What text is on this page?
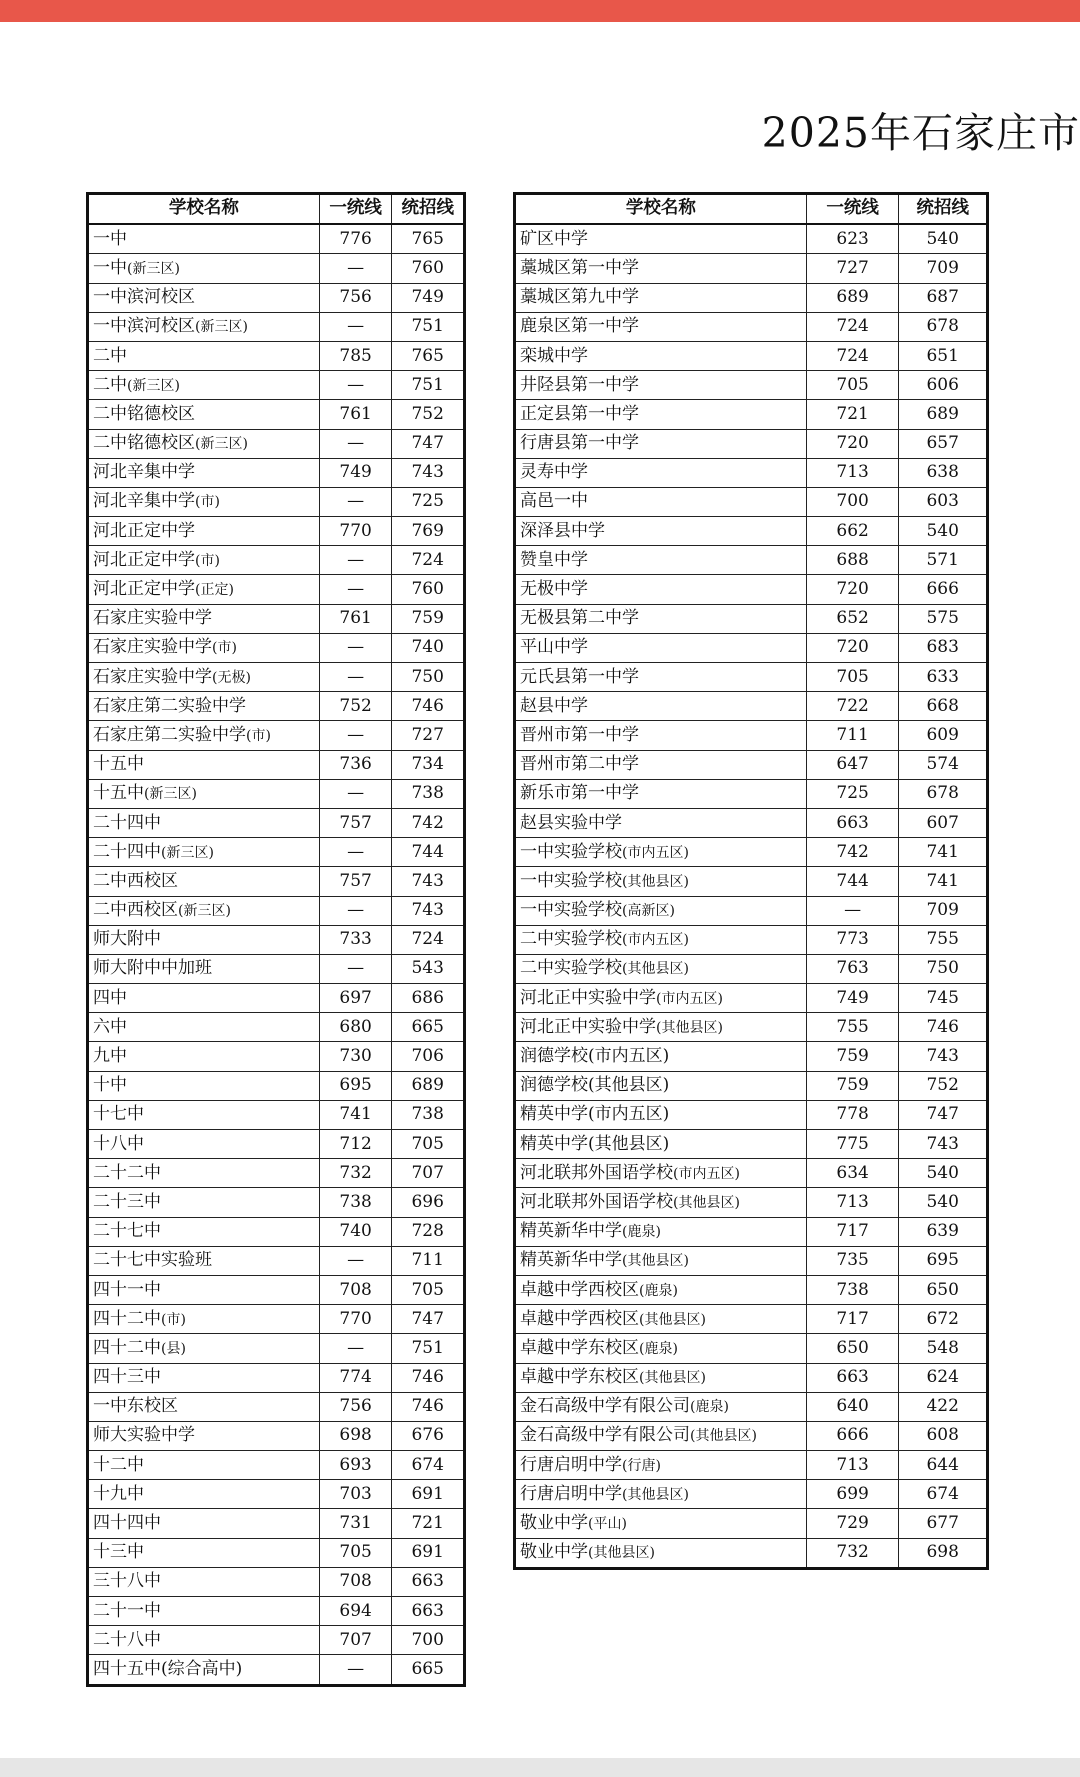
2025年石家庄市
学校名称	一统线	统招线
一中	776	765
一中(新三区)	—	760
一中滨河校区	756	749
一中滨河校区(新三区)	—	751
二中	785	765
二中(新三区)	—	751
二中铭德校区	761	752
二中铭德校区(新三区)	—	747
河北辛集中学	749	743
河北辛集中学(市)	—	725
河北正定中学	770	769
河北正定中学(市)	—	724
河北正定中学(正定)	—	760
石家庄实验中学	761	759
石家庄实验中学(市)	—	740
石家庄实验中学(无极)	—	750
石家庄第二实验中学	752	746
石家庄第二实验中学(市)	—	727
十五中	736	734
十五中(新三区)	—	738
二十四中	757	742
二十四中(新三区)	—	744
二中西校区	757	743
二中西校区(新三区)	—	743
师大附中	733	724
师大附中中加班	—	543
四中	697	686
六中	680	665
九中	730	706
十中	695	689
十七中	741	738
十八中	712	705
二十二中	732	707
二十三中	738	696
二十七中	740	728
二十七中实验班	—	711
四十一中	708	705
四十二中(市)	770	747
四十二中(县)	—	751
四十三中	774	746
一中东校区	756	746
师大实验中学	698	676
十二中	693	674
十九中	703	691
四十四中	731	721
十三中	705	691
三十八中	708	663
二十一中	694	663
二十八中	707	700
四十五中(综合高中)	—	665
学校名称	一统线	统招线
矿区中学	623	540
藁城区第一中学	727	709
藁城区第九中学	689	687
鹿泉区第一中学	724	678
栾城中学	724	651
井陉县第一中学	705	606
正定县第一中学	721	689
行唐县第一中学	720	657
灵寿中学	713	638
高邑一中	700	603
深泽县中学	662	540
赞皇中学	688	571
无极中学	720	666
无极县第二中学	652	575
平山中学	720	683
元氏县第一中学	705	633
赵县中学	722	668
晋州市第一中学	711	609
晋州市第二中学	647	574
新乐市第一中学	725	678
赵县实验中学	663	607
一中实验学校(市内五区)	742	741
一中实验学校(其他县区)	744	741
一中实验学校(高新区)	—	709
二中实验学校(市内五区)	773	755
二中实验学校(其他县区)	763	750
河北正中实验中学(市内五区)	749	745
河北正中实验中学(其他县区)	755	746
润德学校(市内五区)	759	743
润德学校(其他县区)	759	752
精英中学(市内五区)	778	747
精英中学(其他县区)	775	743
河北联邦外国语学校(市内五区)	634	540
河北联邦外国语学校(其他县区)	713	540
精英新华中学(鹿泉)	717	639
精英新华中学(其他县区)	735	695
卓越中学西校区(鹿泉)	738	650
卓越中学西校区(其他县区)	717	672
卓越中学东校区(鹿泉)	650	548
卓越中学东校区(其他县区)	663	624
金石高级中学有限公司(鹿泉)	640	422
金石高级中学有限公司(其他县区)	666	608
行唐启明中学(行唐)	713	644
行唐启明中学(其他县区)	699	674
敬业中学(平山)	729	677
敬业中学(其他县区)	732	698
